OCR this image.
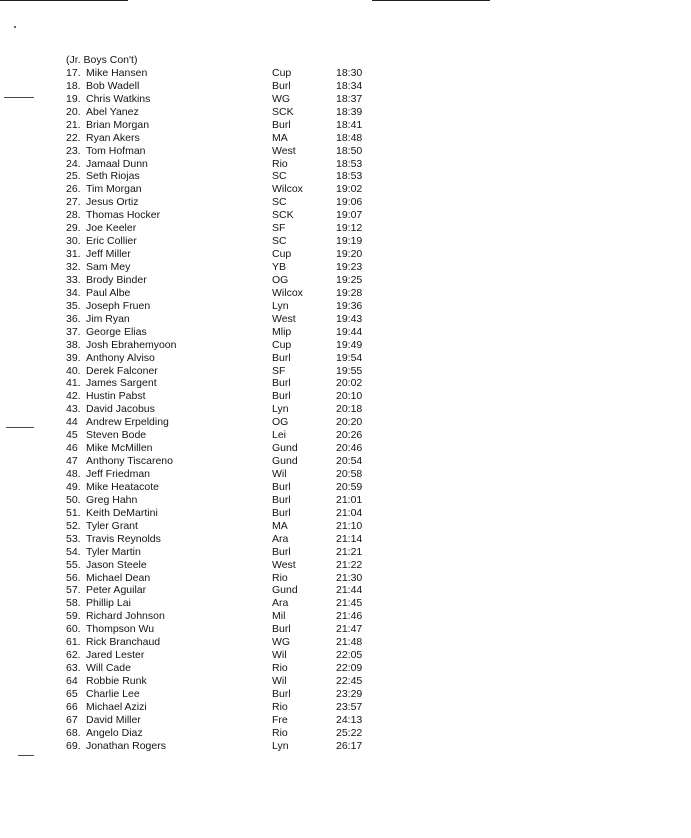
(Jr. Boys Con't)
17. Mike Hansen	Cup	18:30
18. Bob Wadell	Burl	18:34
19. Chris Watkins	WG	18:37
20. Abel Yanez	SCK	18:39
21. Brian Morgan	Burl	18:41
22. Ryan Akers	MA	18:48
23. Tom Hofman	West	18:50
24. Jamaal Dunn	Rio	18:53
25. Seth Riojas	SC	18:53
26. Tim Morgan	Wilcox	19:02
27. Jesus Ortiz	SC	19:06
28. Thomas Hocker	SCK	19:07
29. Joe Keeler	SF	19:12
30. Eric Collier	SC	19:19
31. Jeff Miller	Cup	19:20
32. Sam Mey	YB	19:23
33. Brody Binder	OG	19:25
34. Paul Albe	Wilcox	19:28
35. Joseph Fruen	Lyn	19:36
36. Jim Ryan	West	19:43
37. George Elias	Mlip	19:44
38. Josh Ebrahemyoon	Cup	19:49
39. Anthony Alviso	Burl	19:54
40. Derek Falconer	SF	19:55
41. James Sargent	Burl	20:02
42. Hustin Pabst	Burl	20:10
43. David Jacobus	Lyn	20:18
44 Andrew Erpelding	OG	20:20
45 Steven Bode	Lei	20:26
46 Mike McMillen	Gund	20:46
47 Anthony Tiscareno	Gund	20:54
48. Jeff Friedman	Wil	20:58
49. Mike Heatacote	Burl	20:59
50. Greg Hahn	Burl	21:01
51. Keith DeMartini	Burl	21:04
52. Tyler Grant	MA	21:10
53. Travis Reynolds	Ara	21:14
54. Tyler Martin	Burl	21:21
55. Jason Steele	West	21:22
56. Michael Dean	Rio	21:30
57. Peter Aguilar	Gund	21:44
58. Phillip Lai	Ara	21:45
59. Richard Johnson	Mil	21:46
60. Thompson Wu	Burl	21:47
61. Rick Branchaud	WG	21:48
62. Jared Lester	Wil	22:05
63. Will Cade	Rio	22:09
64 Robbie Runk	Wil	22:45
65 Charlie Lee	Burl	23:29
66 Michael Azizi	Rio	23:57
67 David Miller	Fre	24:13
68. Angelo Diaz	Rio	25:22
69. Jonathan Rogers	Lyn	26:17
